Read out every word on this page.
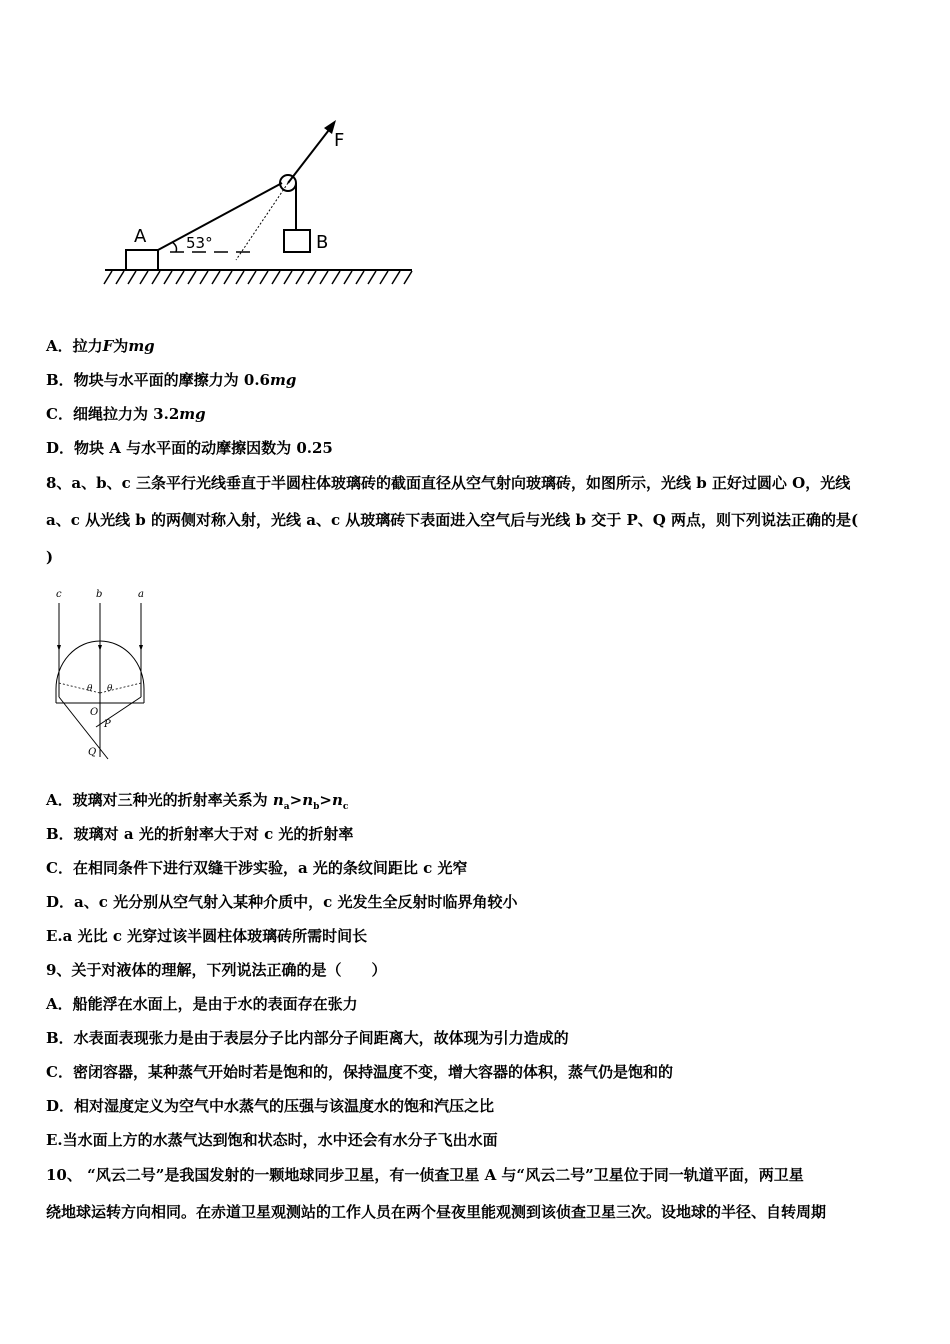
F
A	B
53°
A．拉力F为mg
B．物块与水平面的摩擦力为 0.6mg
C．细绳拉力为 3.2mg
D．物块 A 与水平面的动摩擦因数为 0.25
8、a、b、c 三条平行光线垂直于半圆柱体玻璃砖的截面直径从空气射向玻璃砖，如图所示，光线 b 正好过圆心 O，光线
a、c 从光线 b 的两侧对称入射，光线 a、c 从玻璃砖下表面进入空气后与光线 b 交于 P、Q 两点，则下列说法正确的是(
)
c	b	a
θ θ
O
P
Q
A．玻璃对三种光的折射率关系为 $n_a>n_b>n_c$
B．玻璃对 a 光的折射率大于对 c 光的折射率
C．在相同条件下进行双缝干涉实验，a 光的条纹间距比 c 光窄
D．a、c 光分别从空气射入某种介质中，c 光发生全反射时临界角较小
E.a 光比 c 光穿过该半圆柱体玻璃砖所需时间长
9、关于对液体的理解，下列说法正确的是（　　）
A．船能浮在水面上，是由于水的表面存在张力
B．水表面表现张力是由于表层分子比内部分子间距离大，故体现为引力造成的
C．密闭容器，某种蒸气开始时若是饱和的，保持温度不变，增大容器的体积，蒸气仍是饱和的
D．相对湿度定义为空气中水蒸气的压强与该温度水的饱和汽压之比
E.当水面上方的水蒸气达到饱和状态时，水中还会有水分子飞出水面
10、 “风云二号”是我国发射的一颗地球同步卫星，有一侦查卫星 A 与“风云二号”卫星位于同一轨道平面，两卫星
绕地球运转方向相同。在赤道卫星观测站的工作人员在两个昼夜里能观测到该侦查卫星三次。设地球的半径、自转周期
